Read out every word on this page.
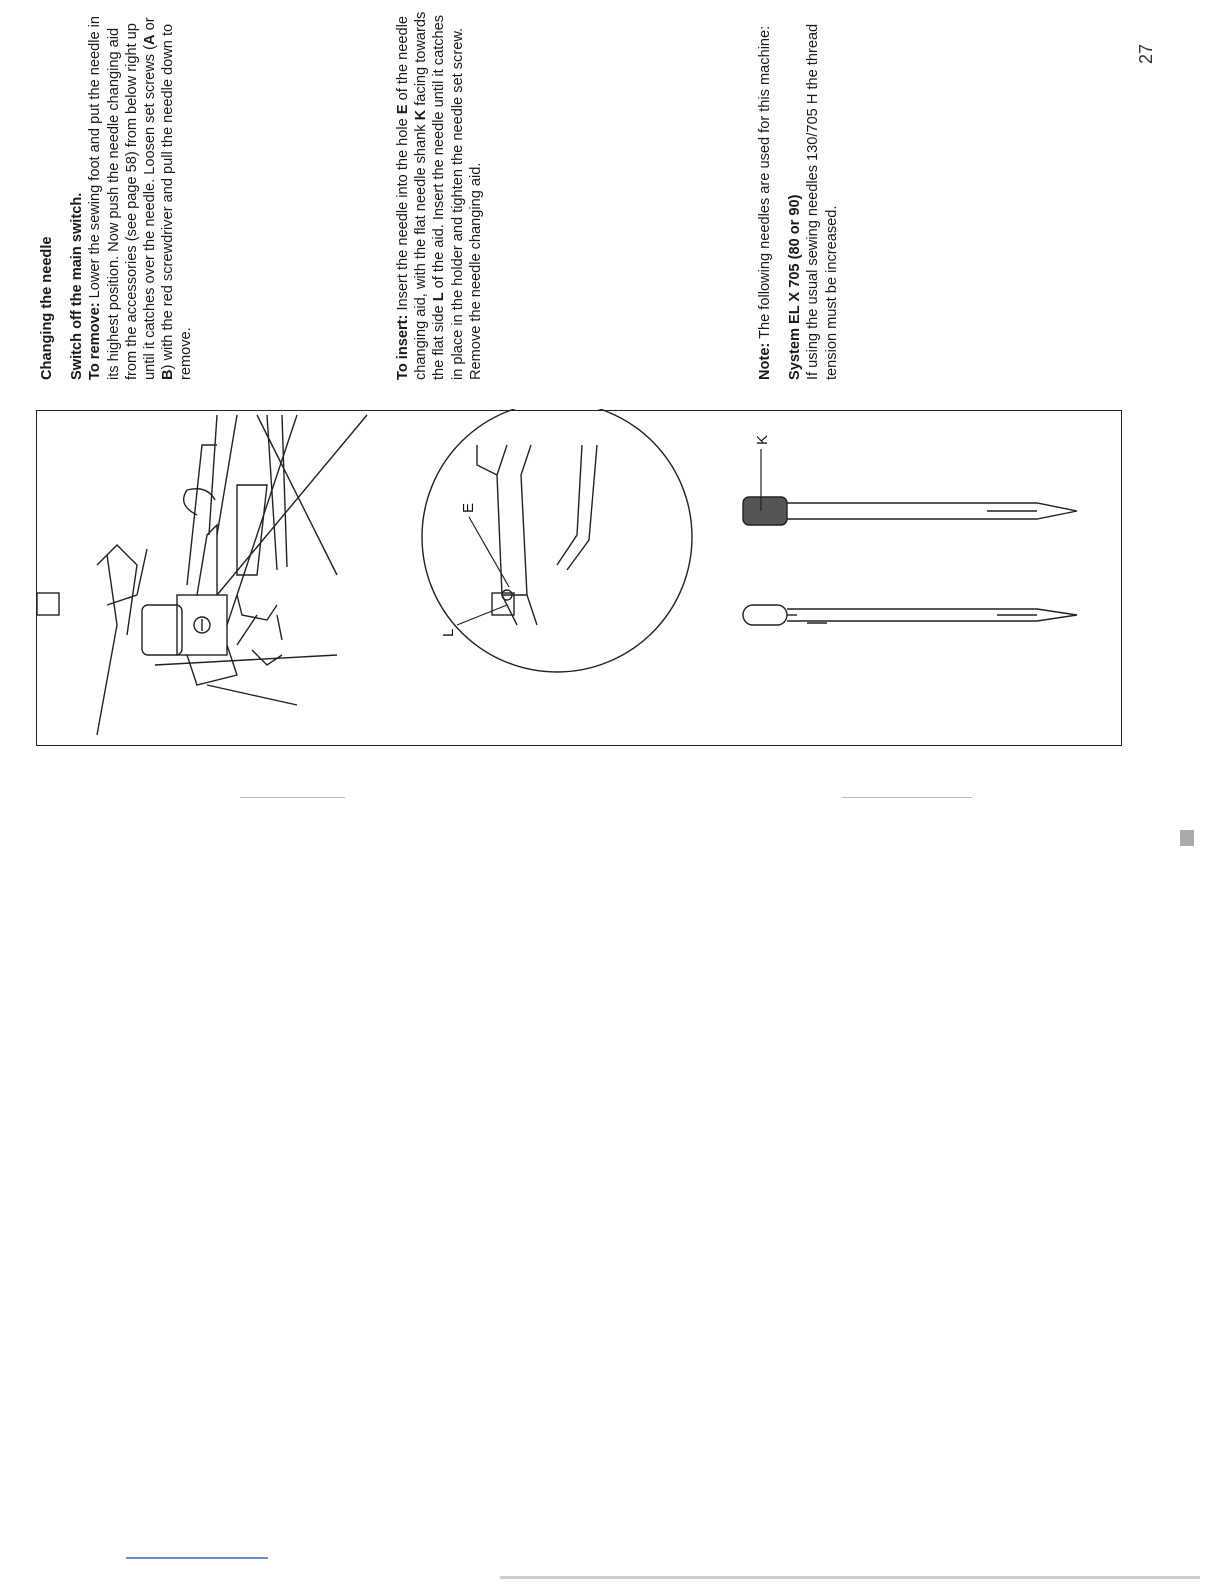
E
L
K

Changing the needle Switch off the main switch. To remove: Lower the sewing foot and put the needle in its highest position. Now push the needle changing aid from the accessories (see page 58) from below right up until it catches over the needle. Loosen set screws (A or B) with the red screwdriver and pull the needle down to remove.	To insert: Insert the needle into the hole E of the needle changing aid, with the flat needle shank K facing towards the flat side L of the aid. Insert the needle until it catches in place in the holder and tighten the needle set screw. Remove the needle changing aid.	Note: The following needles are used for this machine: System EL X 705 (80 or 90) If using the usual sewing needles 130/705 H the thread tension must be increased.

27
